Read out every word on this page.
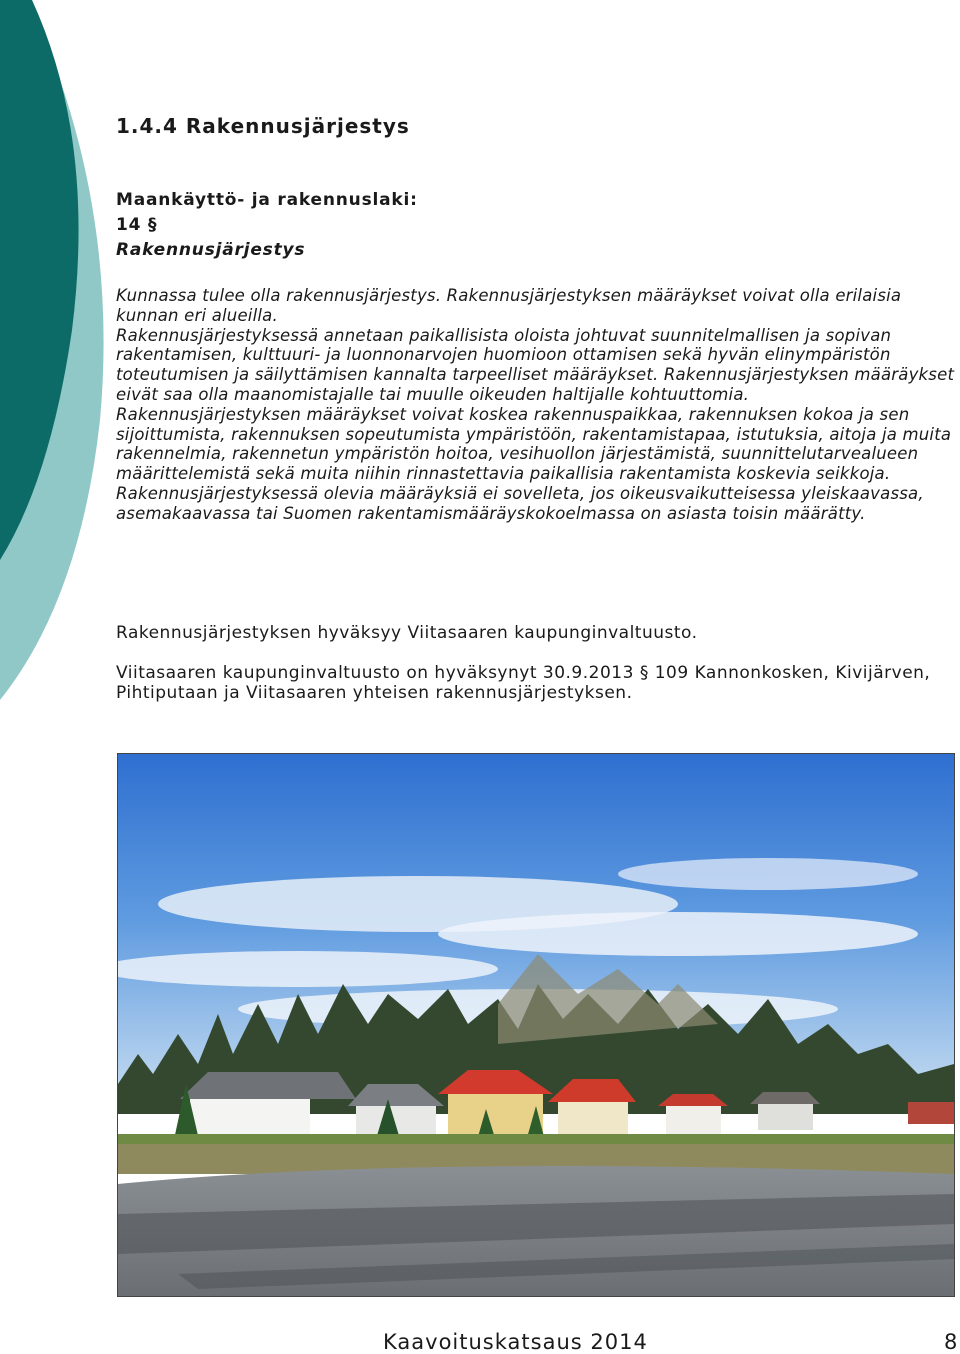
1.4.4 Rakennusjärjestys
Maankäyttö- ja rakennuslaki:
14 §
Rakennusjärjestys

Kunnassa tulee olla rakennusjärjestys. Rakennusjärjestyksen määräykset voivat olla erilaisia kunnan eri alueilla.

Rakennusjärjestyksessä annetaan paikallisista oloista johtuvat suunnitelmallisen ja sopivan rakentamisen, kulttuuri- ja luonnonarvojen huomioon ottamisen sekä hyvän elinympäristön toteutumisen ja säilyttämisen kannalta tarpeelliset määräykset. Rakennusjärjestyksen määräykset eivät saa olla maanomistajalle tai muulle oikeuden haltijalle kohtuuttomia.

Rakennusjärjestyksen määräykset voivat koskea rakennuspaikkaa, rakennuksen kokoa ja sen sijoittumista, rakennuksen sopeutumista ympäristöön, rakentamistapaa, istutuksia, aitoja ja muita rakennelmia, rakennetun ympäristön hoitoa, vesihuollon järjestämistä, suunnittelutarvealueen määrittelemistä sekä muita niihin rinnastettavia paikallisia rakentamista koskevia seikkoja.

Rakennusjärjestyksessä olevia määräyksiä ei sovelleta, jos oikeusvaikutteisessa yleiskaavassa, asemakaavassa tai Suomen rakentamismääräyskokoelmassa on asiasta toisin määrätty.

Rakennusjärjestyksen hyväksyy Viitasaaren kaupunginvaltuusto.

Viitasaaren kaupunginvaltuusto on hyväksynyt 30.9.2013 § 109 Kannonkosken, Kivijärven, Pihtiputaan ja Viitasaaren yhteisen rakennusjärjestyksen.

Kaavoituskatsaus 2014	8
